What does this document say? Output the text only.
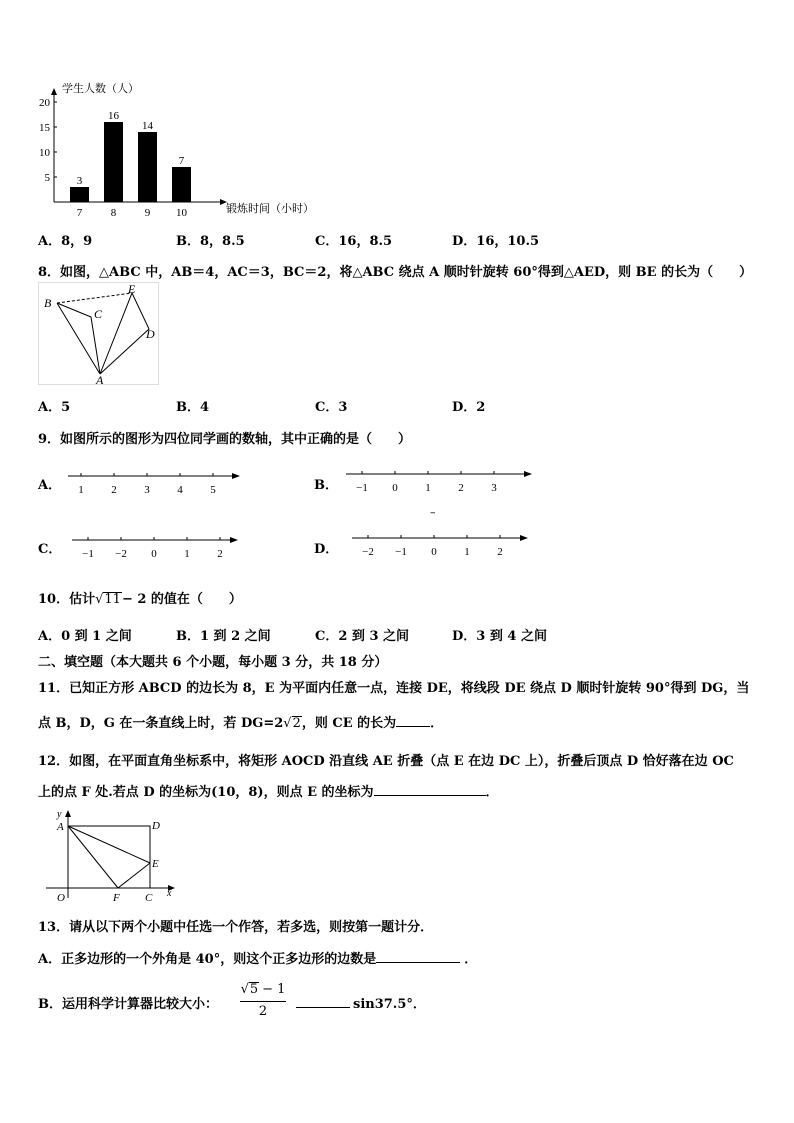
学生人数（人）
锻炼时间（小时）
5
10
15
20
3
7
16
8
14
9
7
10
A．8，9	B．8，8.5	C．16，8.5	D．16，10.5
8．如图，△ABC 中，AB＝4，AC＝3，BC＝2，将△ABC 绕点 A 顺时针旋转 60°得到△AED，则 BE 的长为（　　）
B
C
E
D
A
A．5	B．4	C．3	D．2
9．如图所示的图形为四位同学画的数轴，其中正确的是（　　）
A． 1	2	3	4	5	B． −1 0	1	2	3
–
C． −1 −2 0	1	2	D． −2 −1 0	1	2
10．估计√11− 2 的值在（　　）
A．0 到 1 之间	B．1 到 2 之间	C．2 到 3 之间	D．3 到 4 之间
二、填空题（本大题共 6 个小题，每小题 3 分，共 18 分）
11．已知正方形 ABCD 的边长为 8，E 为平面内任意一点，连接 DE，将线段 DE 绕点 D 顺时针旋转 90°得到 DG，当
点 B，D，G 在一条直线上时，若 DG=2√2，则 CE 的长为	．
12．如图，在平面直角坐标系中，将矩形 AOCD 沿直线 AE 折叠（点 E 在边 DC 上），折叠后顶点 D 恰好落在边 OC
上的点 F 处.若点 D 的坐标为(10，8)，则点 E 的坐标为	．
y
A	D
E
O	F C x
13．请从以下两个小题中任选一个作答，若多选，则按第一题计分．
A．正多边形的一个外角是 40°，则这个正多边形的边数是	．
B．运用科学计算器比较大小：
√5 − 1
2	sin37.5°．
